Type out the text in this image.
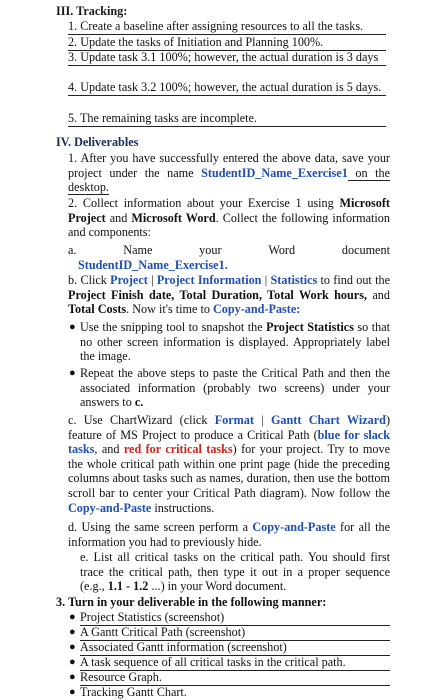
III. Tracking:
1. Create a baseline after assigning resources to all the tasks.
2. Update the tasks of Initiation and Planning 100%.
3. Update task 3.1 100%; however, the actual duration is 3 days
4. Update task 3.2 100%; however, the actual duration is 5 days.
5. The remaining tasks are incomplete.
IV. Deliverables
1. After you have successfully entered the above data, save your project under the name StudentID_Name_Exercise1 on the desktop.
2. Collect information about your Exercise 1 using Microsoft Project and Microsoft Word. Collect the following information and components:
a.	Name	your	Word	document
StudentID_Name_Exercise1.
b. Click Project | Project Information | Statistics to find out the Project Finish date, Total Duration, Total Work hours, and Total Costs. Now it's time to Copy-and-Paste:
● Use the snipping tool to snapshot the Project Statistics so that no other screen information is displayed. Appropriately label the image.
● Repeat the above steps to paste the Critical Path and then the associated information (probably two screens) under your answers to c.
c. Use ChartWizard (click Format | Gantt Chart Wizard) feature of MS Project to produce a Critical Path (blue for slack tasks, and red for critical tasks) for your project. Try to move the whole critical path within one print page (hide the preceding columns about tasks such as names, duration, then use the bottom scroll bar to center your Critical Path diagram). Now follow the Copy-and-Paste instructions.
d. Using the same screen perform a Copy-and-Paste for all the information you had to previously hide.
e. List all critical tasks on the critical path. You should first trace the critical path, then type it out in a proper sequence (e.g., 1.1 - 1.2 ...) in your Word document.
3. Turn in your deliverable in the following manner:
● Project Statistics (screenshot)
● A Gantt Critical Path (screenshot)
● Associated Gantt information (screenshot)
● A task sequence of all critical tasks in the critical path.
● Resource Graph.
● Tracking Gantt Chart.
